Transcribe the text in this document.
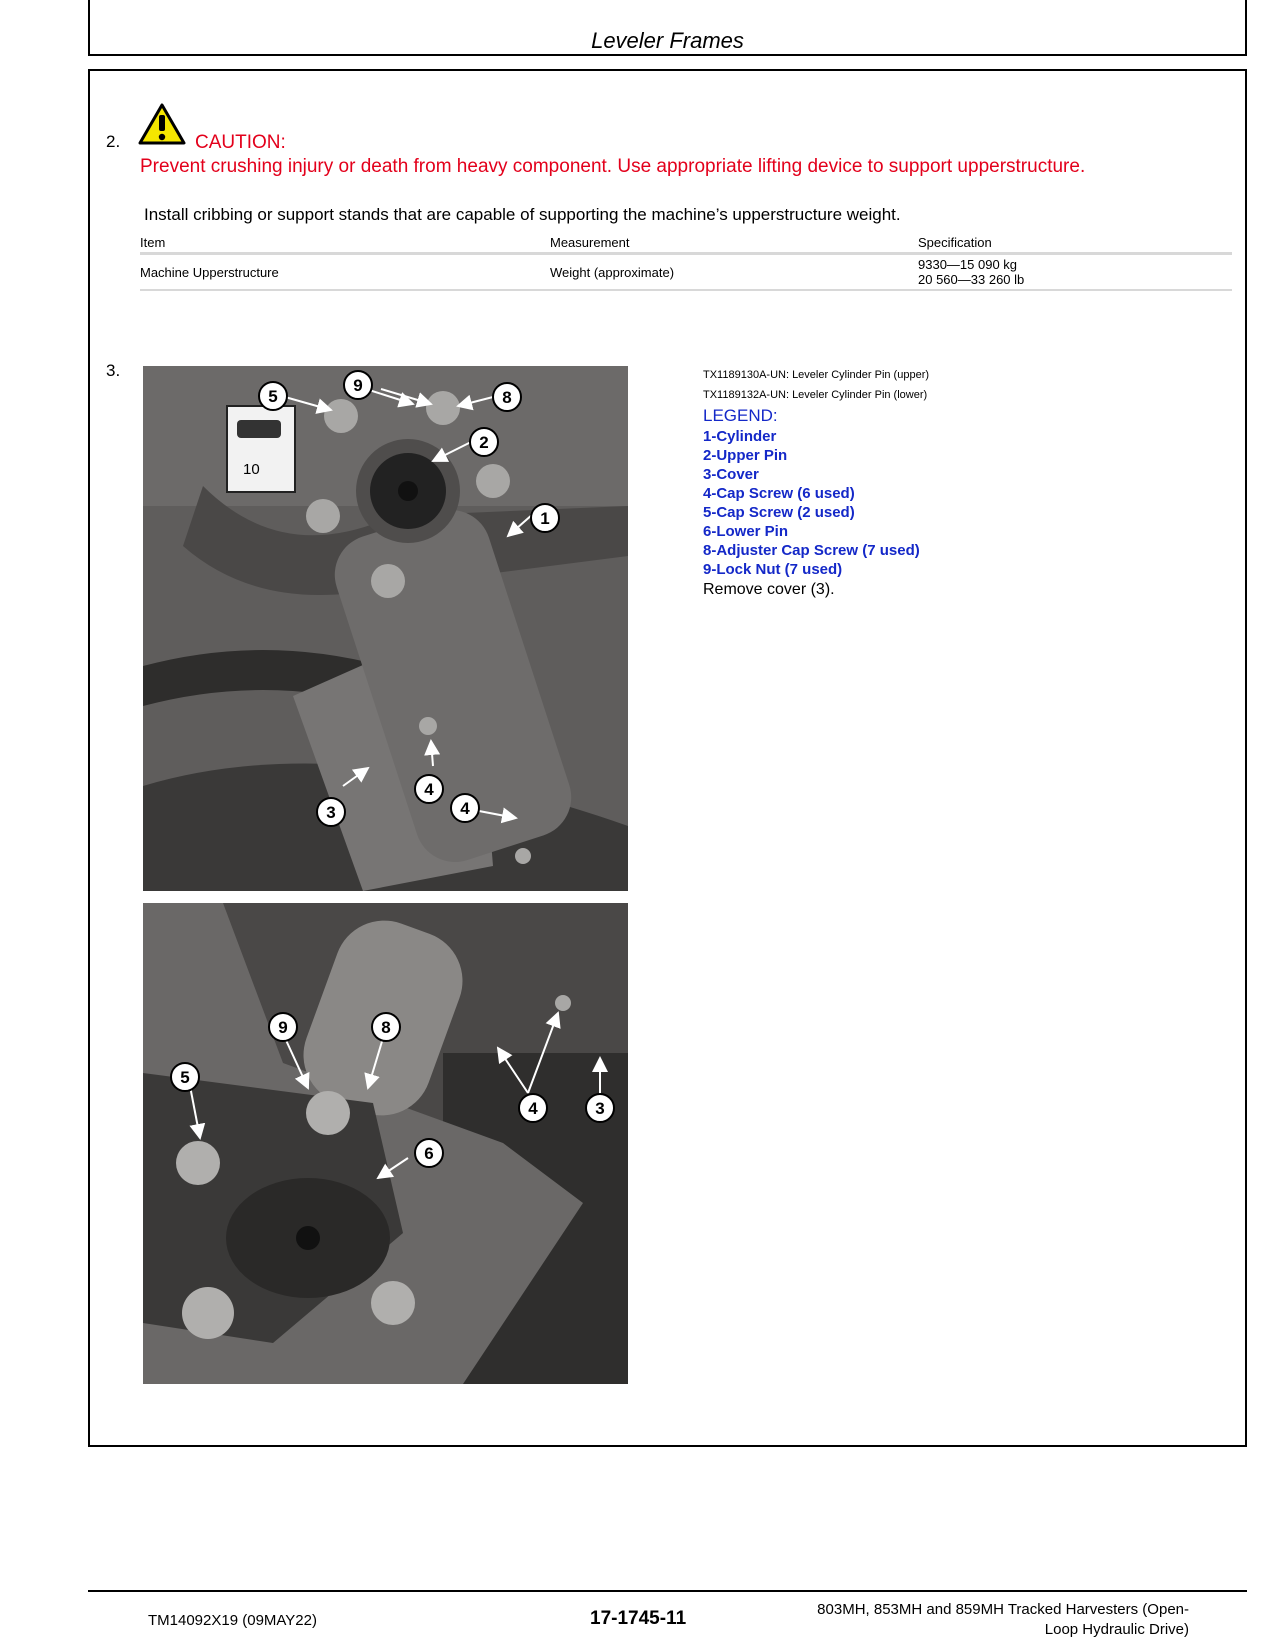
Leveler Frames
2.	CAUTION:
Prevent crushing injury or death from heavy component. Use appropriate lifting device to support upperstructure.
Install cribbing or support stands that are capable of supporting the machine’s upperstructure weight.
Item	Measurement	Specification
Machine Upperstructure	Weight (approximate)	9330—15 090 kg
20 560—33 260 lb
3.
10
5
9
8
2
1
4
3	4
9	8
5
4	3
6
TX1189130A-UN: Leveler Cylinder Pin (upper)
TX1189132A-UN: Leveler Cylinder Pin (lower)
LEGEND:
1-Cylinder
2-Upper Pin
3-Cover
4-Cap Screw (6 used)
5-Cap Screw (2 used)
6-Lower Pin
8-Adjuster Cap Screw (7 used)
9-Lock Nut (7 used)
Remove cover (3).
TM14092X19 (09MAY22)	17-1745-11	803MH, 853MH and 859MH Tracked Harvesters (Open-
Loop Hydraulic Drive)
